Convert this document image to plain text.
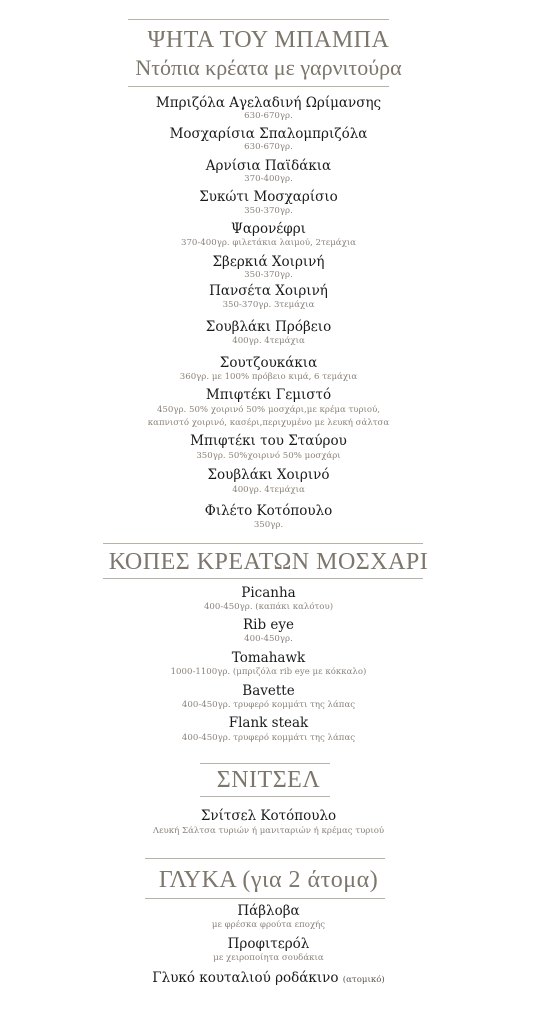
ΨΗΤΑ ΤΟΥ ΜΠΑΜΠΑ
Ντόπια κρέατα με γαρνιτούρα
Μπριζόλα Αγελαδινή Ωρίμανσης
630-670γρ.
Μοσχαρίσια Σπαλομπριζόλα
630-670γρ.
Αρνίσια Παϊδάκια
370-400γρ.
Συκώτι Μοσχαρίσιο
350-370γρ.
Ψαρονέφρι
370-400γρ. φιλετάκια λαιμού, 2τεμάχια
Σβερκιά Χοιρινή
350-370γρ.
Πανσέτα Χοιρινή
350-370γρ. 3τεμάχια
Σουβλάκι Πρόβειο
400γρ. 4τεμάχια
Σουτζουκάκια
360γρ. με 100% πρόβειο κιμά, 6 τεμάχια
Μπιφτέκι Γεμιστό
450γρ. 50% χοιρινό 50% μοσχάρι,με κρέμα τυριού,
καπνιστό χοιρινό, κασέρι,περιχυμένο με λευκή σάλτσα
Μπιφτέκι του Σταύρου
350γρ. 50%χοιρινό 50% μοσχάρι
Σουβλάκι Χοιρινό
400γρ. 4τεμάχια
Φιλέτο Κοτόπουλο
350γρ.
ΚΟΠΕΣ ΚΡΕΑΤΩΝ ΜΟΣΧΑΡΙ
Picanha
400-450γρ. (καπάκι καλότου)
Rib eye
400-450γρ.
Tomahawk
1000-1100γρ. (μπριζόλα rib eye με κόκκαλο)
Bavette
400-450γρ. τρυφερό κομμάτι της λάπας
Flank steak
400-450γρ. τρυφερό κομμάτι της λάπας
ΣΝΙΤΣΕΛ
Σνίτσελ Κοτόπουλο
Λευκή Σάλτσα τυριών ή μανιταριών ή κρέμας τυριού
ΓΛΥΚΑ (για 2 άτομα)
Πάβλοβα
με φρέσκα φρούτα εποχής
Προφιτερόλ
με χειροποίητα σουδάκια
Γλυκό κουταλιού ροδάκινο (ατομικό)
